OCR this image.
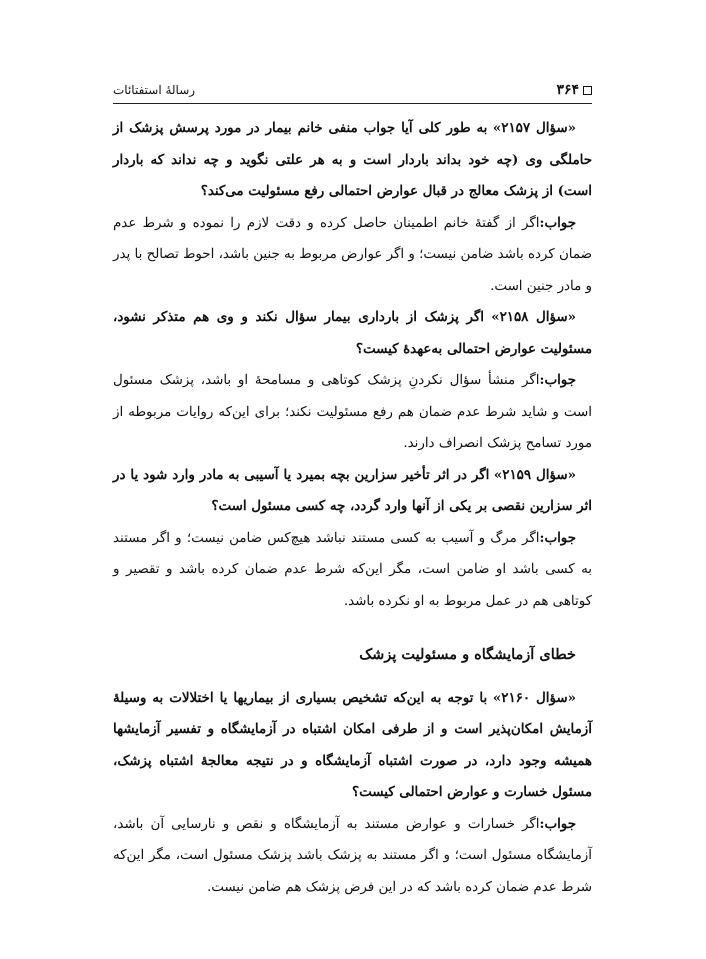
۳۶۴
رسالهٔ استفتائات

«سؤال ۲۱۵۷» به طور کلی آیا جواب منفی خانم بیمار در مورد پرسش پزشک از حاملگی وی (چه خود بداند باردار است و به هر علتی نگوید و چه نداند که باردار است) از پزشک معالج در قبال عوارض احتمالی رفع مسئولیت می‌کند؟

جواب:اگر از گفتهٔ خانم اطمینان حاصل کرده و دقت لازم را نموده و شرط عدم ضمان کرده باشد ضامن نیست؛ و اگر عوارض مربوط به جنین باشد، احوط تصالح با پدر و مادر جنین است.

«سؤال ۲۱۵۸» اگر پزشک از بارداری بیمار سؤال نکند و وی هم متذکر نشود، مسئولیت عوارض احتمالی به‌عهدهٔ کیست؟

جواب:اگر منشأ سؤال نکردنِ پزشک کوتاهی و مسامحهٔ او باشد، پزشک مسئول است و شاید شرط عدم ضمان هم رفع مسئولیت نکند؛ برای این‌که روایات مربوطه از مورد تسامح پزشک انصراف دارند.

«سؤال ۲۱۵۹» اگر در اثر تأخیر سزارین بچه بمیرد یا آسیبی به مادر وارد شود یا در اثر سزارین نقصی بر یکی از آنها وارد گردد، چه کسی مسئول است؟

جواب:اگر مرگ و آسیب به کسی مستند نباشد هیچ‌کس ضامن نیست؛ و اگر مستند به کسی باشد او ضامن است، مگر این‌که شرط عدم ضمان کرده باشد و تقصیر و کوتاهی هم در عمل مربوط به او نکرده باشد.

خطای آزمایشگاه و مسئولیت پزشک

«سؤال ۲۱۶۰» با توجه به این‌که تشخیص بسیاری از بیماریها یا اختلالات به وسیلهٔ آزمایش امکان‌پذیر است و از طرفی امکان اشتباه در آزمایشگاه و تفسیر آزمایشها همیشه وجود دارد، در صورت اشتباه آزمایشگاه و در نتیجه معالجهٔ اشتباه پزشک، مسئول خسارت و عوارض احتمالی کیست؟

جواب:اگر خسارات و عوارض مستند به آزمایشگاه و نقص و نارسایی آن باشد، آزمایشگاه مسئول است؛ و اگر مستند به پزشک باشد پزشک مسئول است، مگر این‌که شرط عدم ضمان کرده باشد که در این فرض پزشک هم ضامن نیست.
